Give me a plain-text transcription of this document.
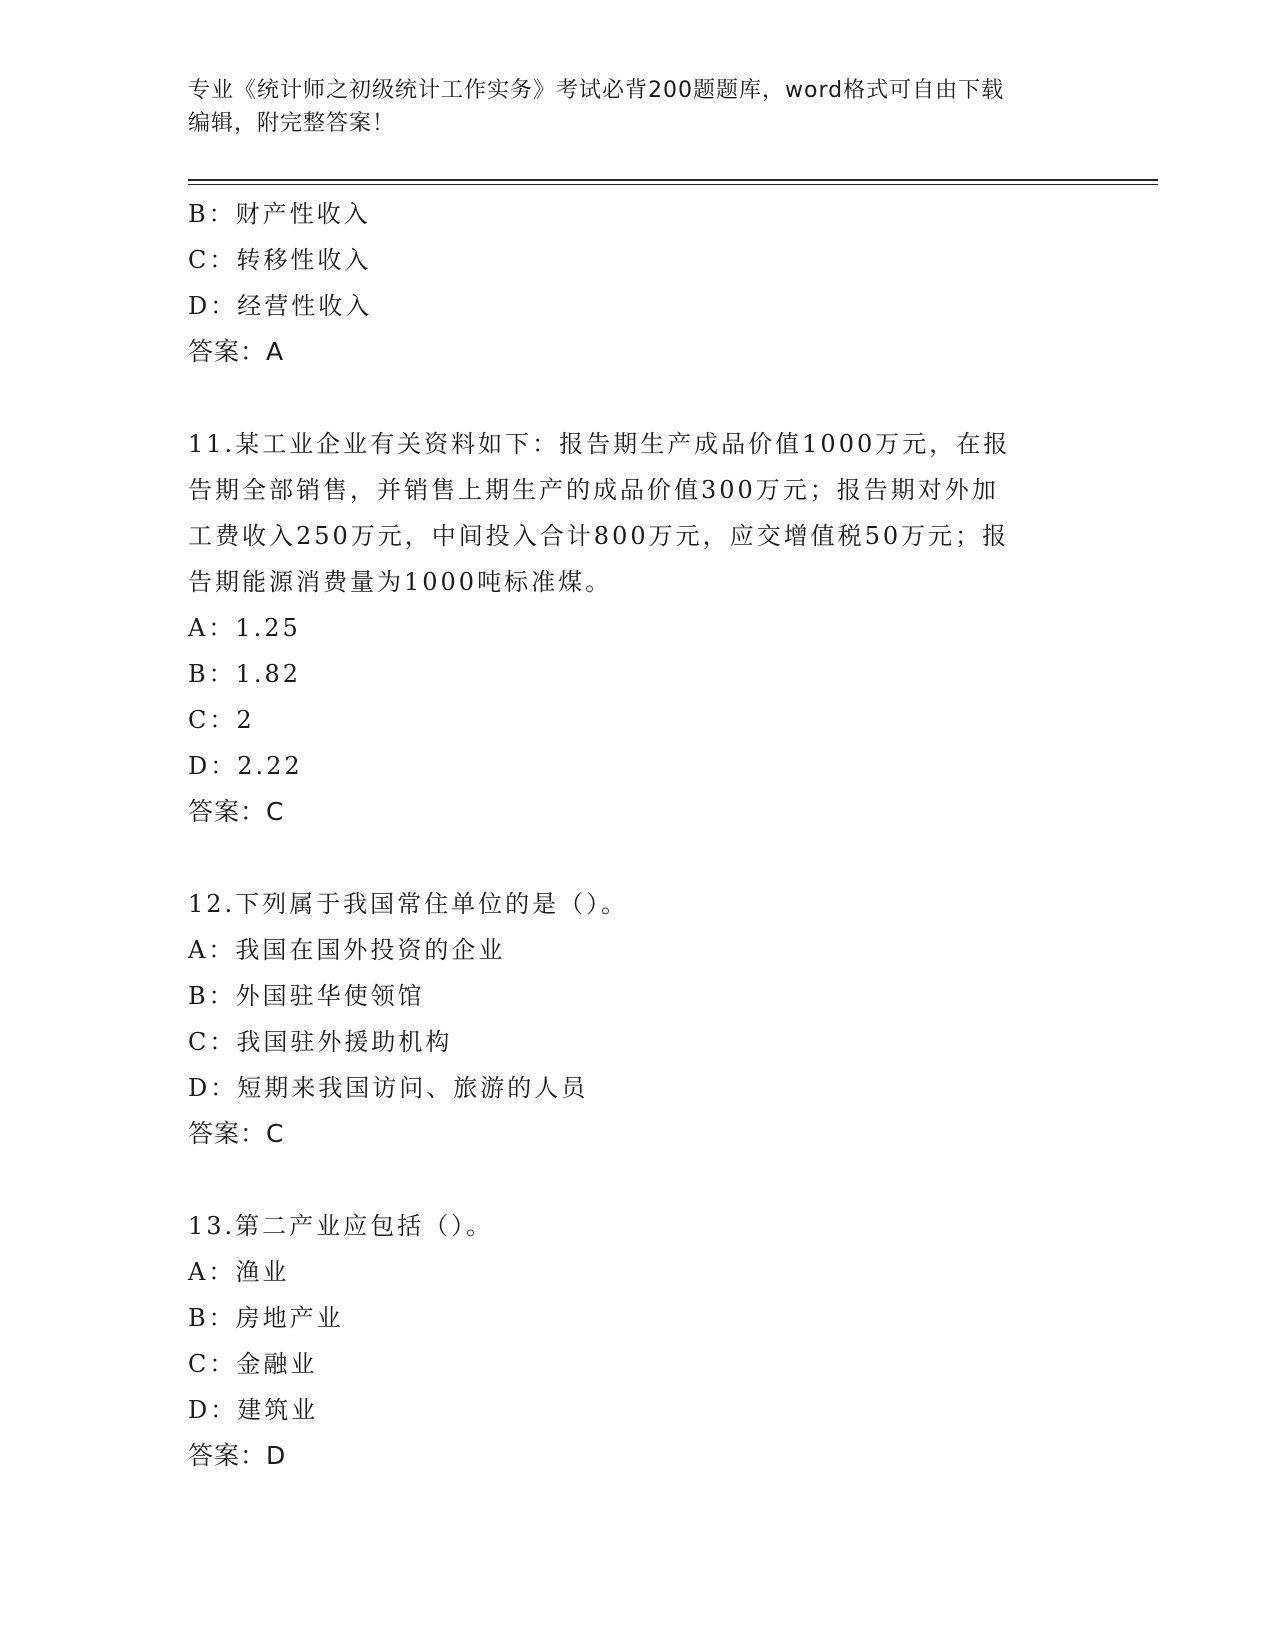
专业《统计师之初级统计工作实务》考试必背200题题库，word格式可自由下载
编辑，附完整答案！
B：财产性收入
C：转移性收入
D：经营性收入
答案：A
11.某工业企业有关资料如下：报告期生产成品价值1000万元，在报
告期全部销售，并销售上期生产的成品价值300万元；报告期对外加
工费收入250万元，中间投入合计800万元，应交增值税50万元；报
告期能源消费量为1000吨标准煤。
A：1.25
B：1.82
C：2
D：2.22
答案：C
12.下列属于我国常住单位的是（）。
A：我国在国外投资的企业
B：外国驻华使领馆
C：我国驻外援助机构
D：短期来我国访问、旅游的人员
答案：C
13.第二产业应包括（）。
A：渔业
B：房地产业
C：金融业
D：建筑业
答案：D
